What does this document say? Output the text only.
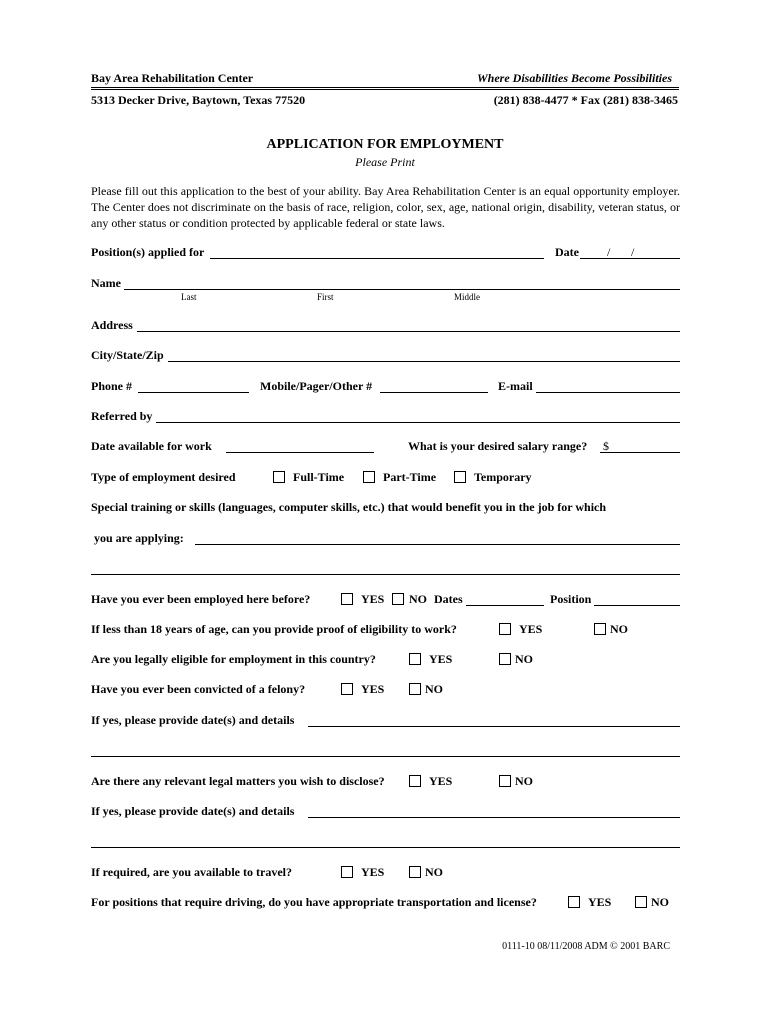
Bay Area Rehabilitation Center	Where Disabilities Become Possibilities
5313 Decker Drive, Baytown, Texas 77520	(281) 838-4477 * Fax (281) 838-3465
APPLICATION FOR EMPLOYMENT
Please Print
Please fill out this application to the best of your ability. Bay Area Rehabilitation Center is an equal opportunity employer. The Center does not discriminate on the basis of race, religion, color, sex, age, national origin, disability, veteran status, or any other status or condition protected by applicable federal or state laws.
Position(s) applied for	Date / /
Name
Last	First	Middle
Address
City/State/Zip
Phone #	Mobile/Pager/Other #	E-mail
Referred by
Date available for work	What is your desired salary range? $
Type of employment desired	Full-Time	Part-Time	Temporary
Special training or skills (languages, computer skills, etc.) that would benefit you in the job for which
you are applying:
Have you ever been employed here before?	YES NO Dates	Position
If less than 18 years of age, can you provide proof of eligibility to work?	YES	NO
Are you legally eligible for employment in this country?	YES	NO
Have you ever been convicted of a felony?	YES	NO
If yes, please provide date(s) and details
Are there any relevant legal matters you wish to disclose?	YES	NO
If yes, please provide date(s) and details
If required, are you available to travel?	YES	NO
For positions that require driving, do you have appropriate transportation and license?	YES	NO
0111-10 08/11/2008 ADM © 2001 BARC
